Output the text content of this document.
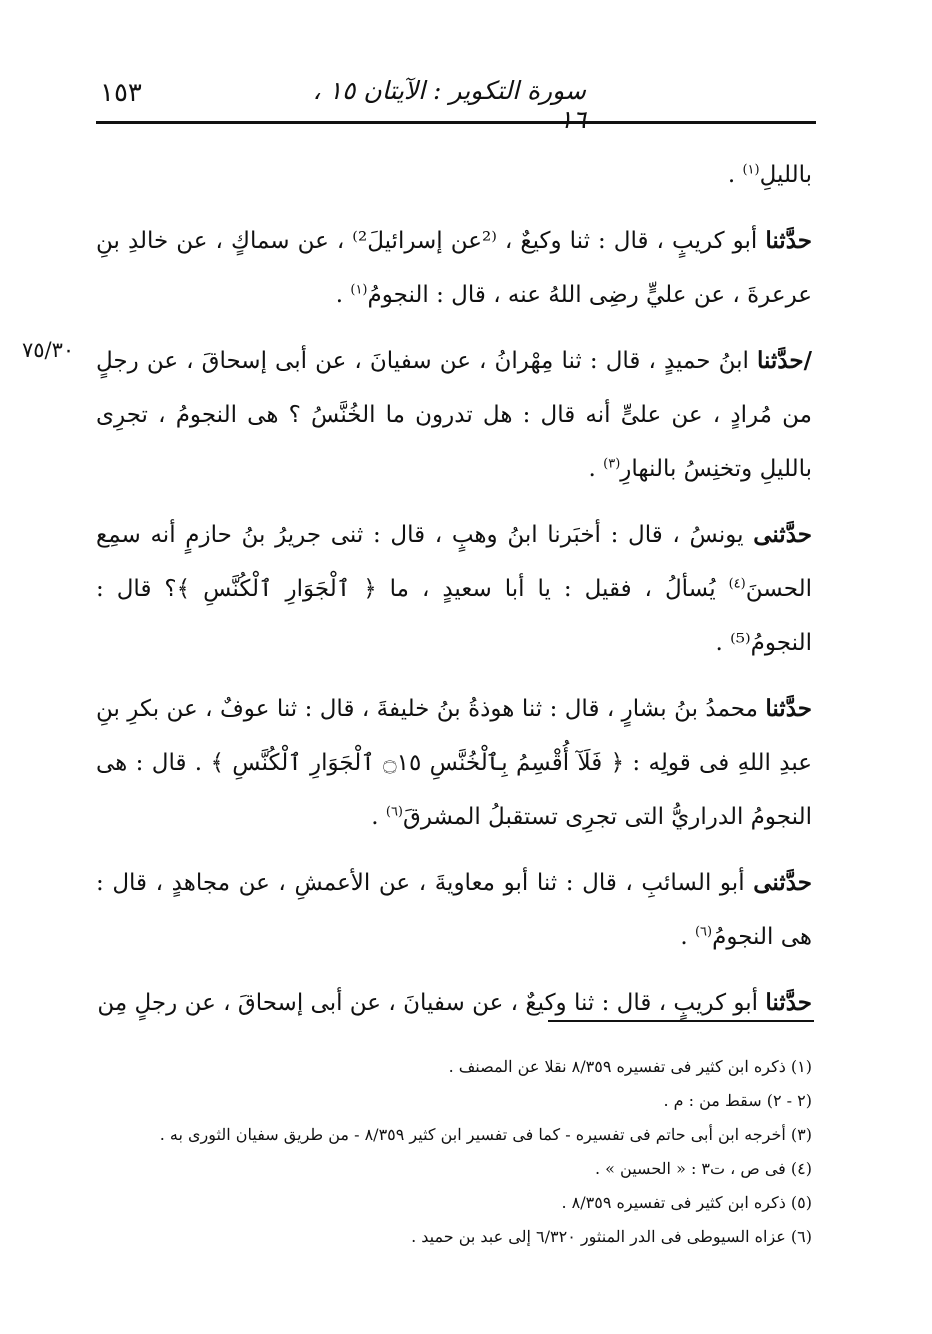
١٥٣	سورة التكوير : الآيتان ١٥ ، ١٦
٧٥/٣٠

بالليلِ$^{(١)}$ .

حدَّثنا أبو كريبٍ ، قال : ثنا وكيعٌ ، ⁽²عن إسرائيلَ²⁾ ، عن سماكٍ ، عن خالدِ بنِ عرعرةَ ، عن عليٍّ رضِى اللهُ عنه ، قال : النجومُ$^{(١)}$ .

/حدَّثنا ابنُ حميدٍ ، قال : ثنا مِهْرانُ ، عن سفيانَ ، عن أبى إسحاقَ ، عن رجلٍ من مُرادٍ ، عن علىٍّ أنه قال : هل تدرون ما الخُنَّسُ ؟ هى النجومُ ، تجرِى بالليلِ وتخنِسُ بالنهارِ$^{(٣)}$ .

حدَّثنى يونسُ ، قال : أخبَرنا ابنُ وهبٍ ، قال : ثنى جريرُ بنُ حازمٍ أنه سمِع الحسنَ$^{(٤)}$ يُسألُ ، فقيل : يا أبا سعيدٍ ، ما ﴿ ٱلْجَوَارِ ٱلْكُنَّسِ ﴾؟ قال : النجومُ⁽⁵⁾ .

حدَّثنا محمدُ بنُ بشارٍ ، قال : ثنا هوذةُ بنُ خليفةَ ، قال : ثنا عوفٌ ، عن بكرِ بنِ عبدِ اللهِ فى قولِه : ﴿ فَلَآ أُقْسِمُ بِٱلْخُنَّسِ ۝١٥ ٱلْجَوَارِ ٱلْكُنَّسِ ﴾ . قال : هى النجومُ الدراريُّ التى تجرِى تستقبلُ المشرقَ$^{(٦)}$ .

حدَّثنى أبو السائبِ ، قال : ثنا أبو معاويةَ ، عن الأعمشِ ، عن مجاهدٍ ، قال : هى النجومُ$^{(٦)}$ .

حدَّثنا أبو كريبٍ ، قال : ثنا وكيعٌ ، عن سفيانَ ، عن أبى إسحاقَ ، عن رجلٍ مِن

(١) ذكره ابن كثير فى تفسيره ٨/٣٥٩ نقلا عن المصنف .

(٢ - ٢) سقط من : م .

(٣) أخرجه ابن أبى حاتم فى تفسيره - كما فى تفسير ابن كثير ٨/٣٥٩ - من طريق سفيان الثورى به .

(٤) فى ص ، ت٣ : « الحسين » .

(٥) ذكره ابن كثير فى تفسيره ٨/٣٥٩ .

(٦) عزاه السيوطى فى الدر المنثور ٦/٣٢٠ إلى عبد بن حميد .
